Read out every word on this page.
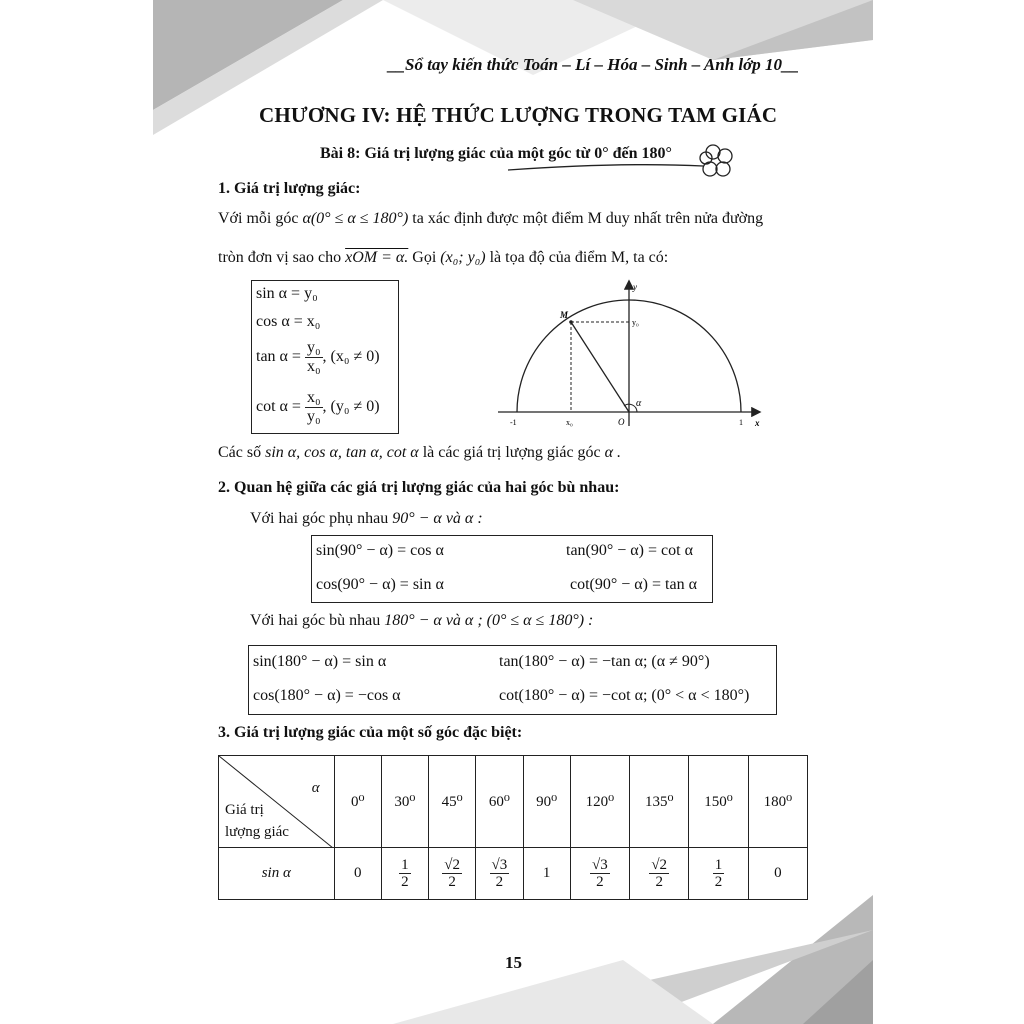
__Sổ tay kiến thức Toán – Lí – Hóa – Sinh – Anh lớp 10__
CHƯƠNG IV: HỆ THỨC LƯỢNG TRONG TAM GIÁC
Bài 8: Giá trị lượng giác của một góc từ 0° đến 180°
1. Giá trị lượng giác:
Với mỗi góc α(0° ≤ α ≤ 180°) ta xác định được một điểm M duy nhất trên nửa đường
tròn đơn vị sao cho xOM = α. Gọi (x₀; y₀) là tọa độ của điểm M, ta có:
sin α = y₀
cos α = x₀
$\tan \alpha = \frac{\text{y₀}}{\text{x₀}}$ , (x₀ ≠ 0)
$\cot \alpha = \frac{\text{x₀}}{\text{y₀}}$ , (y₀ ≠ 0)
y
x
M
y₀
x₀	O
-1	1
α
Các số sin α, cos α, tan α, cot α là các giá trị lượng giác góc α .
2. Quan hệ giữa các giá trị lượng giác của hai góc bù nhau:
Với hai góc phụ nhau 90° − α và α :
sin(90° − α) = cos α	tan(90° − α) = cot α
cos(90° − α) = sin α	cot(90° − α) = tan α
Với hai góc bù nhau 180° − α và α ; (0° ≤ α ≤ 180°) :
sin(180° − α) = sin α	tan(180° − α) = −tan α; (α ≠ 90°)
cos(180° − α) = −cos α	cot(180° − α) = −cot α; (0° < α < 180°)
3. Giá trị lượng giác của một số góc đặc biệt:
α
Giá trị
lượng giác	0⁰	30⁰	45⁰	60⁰	90⁰	120⁰	135⁰	150⁰	180⁰
sin α	0	$\frac{1}{2}$	$\frac{√2}{2}$	$\frac{√3}{2}$	1	$\frac{√3}{2}$	$\frac{√2}{2}$	$\frac{1}{2}$	0
15
